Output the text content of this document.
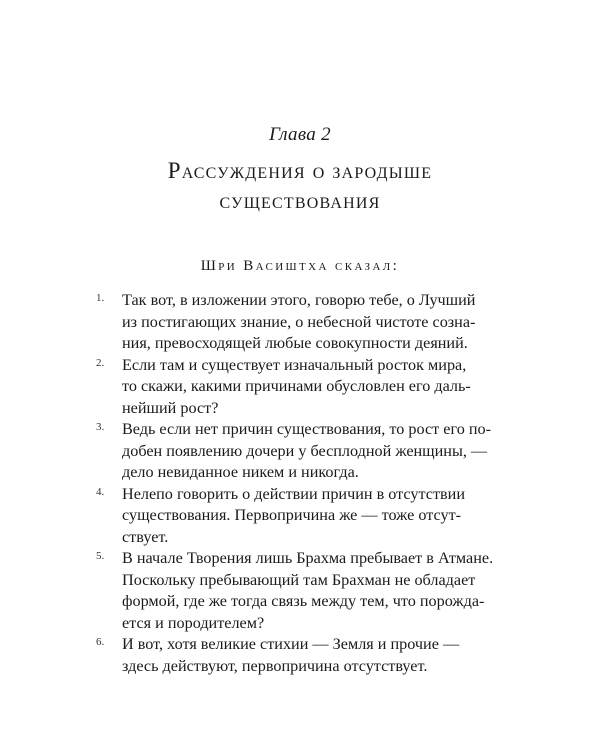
Глава 2
Рассуждения о зародыше
существования
Шри Васиштха сказал:
1.	Так вот, в изложении этого, говорю тебе, о Лучший
из постигающих знание, о небесной чистоте созна-
ния, превосходящей любые совокупности деяний.
2.	Если там и существует изначальный росток мира,
то скажи, какими причинами обусловлен его даль-
нейший рост?
3.	Ведь если нет причин существования, то рост его по-
добен появлению дочери у бесплодной женщины, —
дело невиданное никем и никогда.
4.	Нелепо говорить о действии причин в отсутствии
существования. Первопричина же — тоже отсут-
ствует.
5.	В начале Творения лишь Брахма пребывает в Атмане.
Поскольку пребывающий там Брахман не обладает
формой, где же тогда связь между тем, что порожда-
ется и породителем?
6.	И вот, хотя великие стихии — Земля и прочие —
здесь действуют, первопричина отсутствует.
